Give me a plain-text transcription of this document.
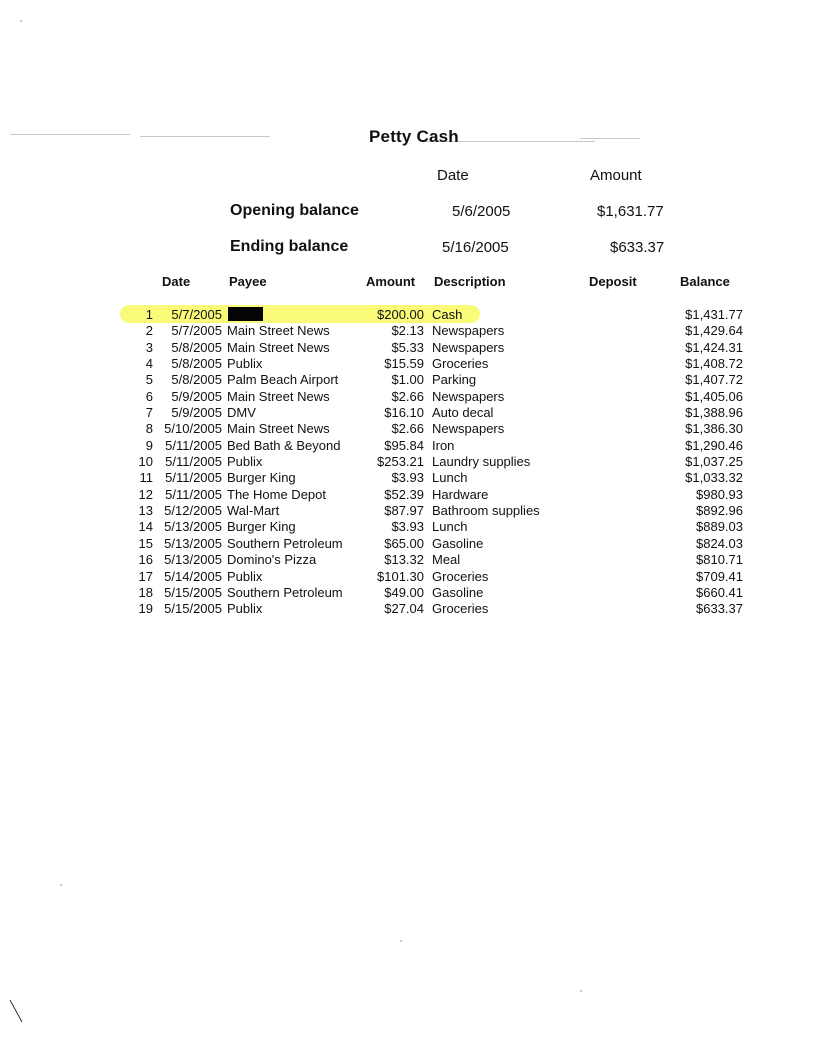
Petty Cash
Date	Amount
Opening balance	5/6/2005	$1,631.77
Ending balance	5/16/2005	$633.37
Date	Payee	Amount Description	Deposit	Balance
1 5/7/2005	$200.00 Cash	$1,431.77
2 5/7/2005 Main Street News	$2.13 Newspapers	$1,429.64
3 5/8/2005 Main Street News	$5.33 Newspapers	$1,424.31
4 5/8/2005 Publix	$15.59 Groceries	$1,408.72
5 5/8/2005 Palm Beach Airport	$1.00 Parking	$1,407.72
6 5/9/2005 Main Street News	$2.66 Newspapers	$1,405.06
7 5/9/2005 DMV	$16.10 Auto decal	$1,388.96
8 5/10/2005 Main Street News	$2.66 Newspapers	$1,386.30
9 5/11/2005 Bed Bath & Beyond	$95.84 Iron	$1,290.46
10 5/11/2005 Publix	$253.21 Laundry supplies	$1,037.25
11 5/11/2005 Burger King	$3.93 Lunch	$1,033.32
12 5/11/2005 The Home Depot	$52.39 Hardware	$980.93
13 5/12/2005 Wal-Mart	$87.97 Bathroom supplies	$892.96
14 5/13/2005 Burger King	$3.93 Lunch	$889.03
15 5/13/2005 Southern Petroleum	$65.00 Gasoline	$824.03
16 5/13/2005 Domino's Pizza	$13.32 Meal	$810.71
17 5/14/2005 Publix	$101.30 Groceries	$709.41
18 5/15/2005 Southern Petroleum	$49.00 Gasoline	$660.41
19 5/15/2005 Publix	$27.04 Groceries	$633.37
